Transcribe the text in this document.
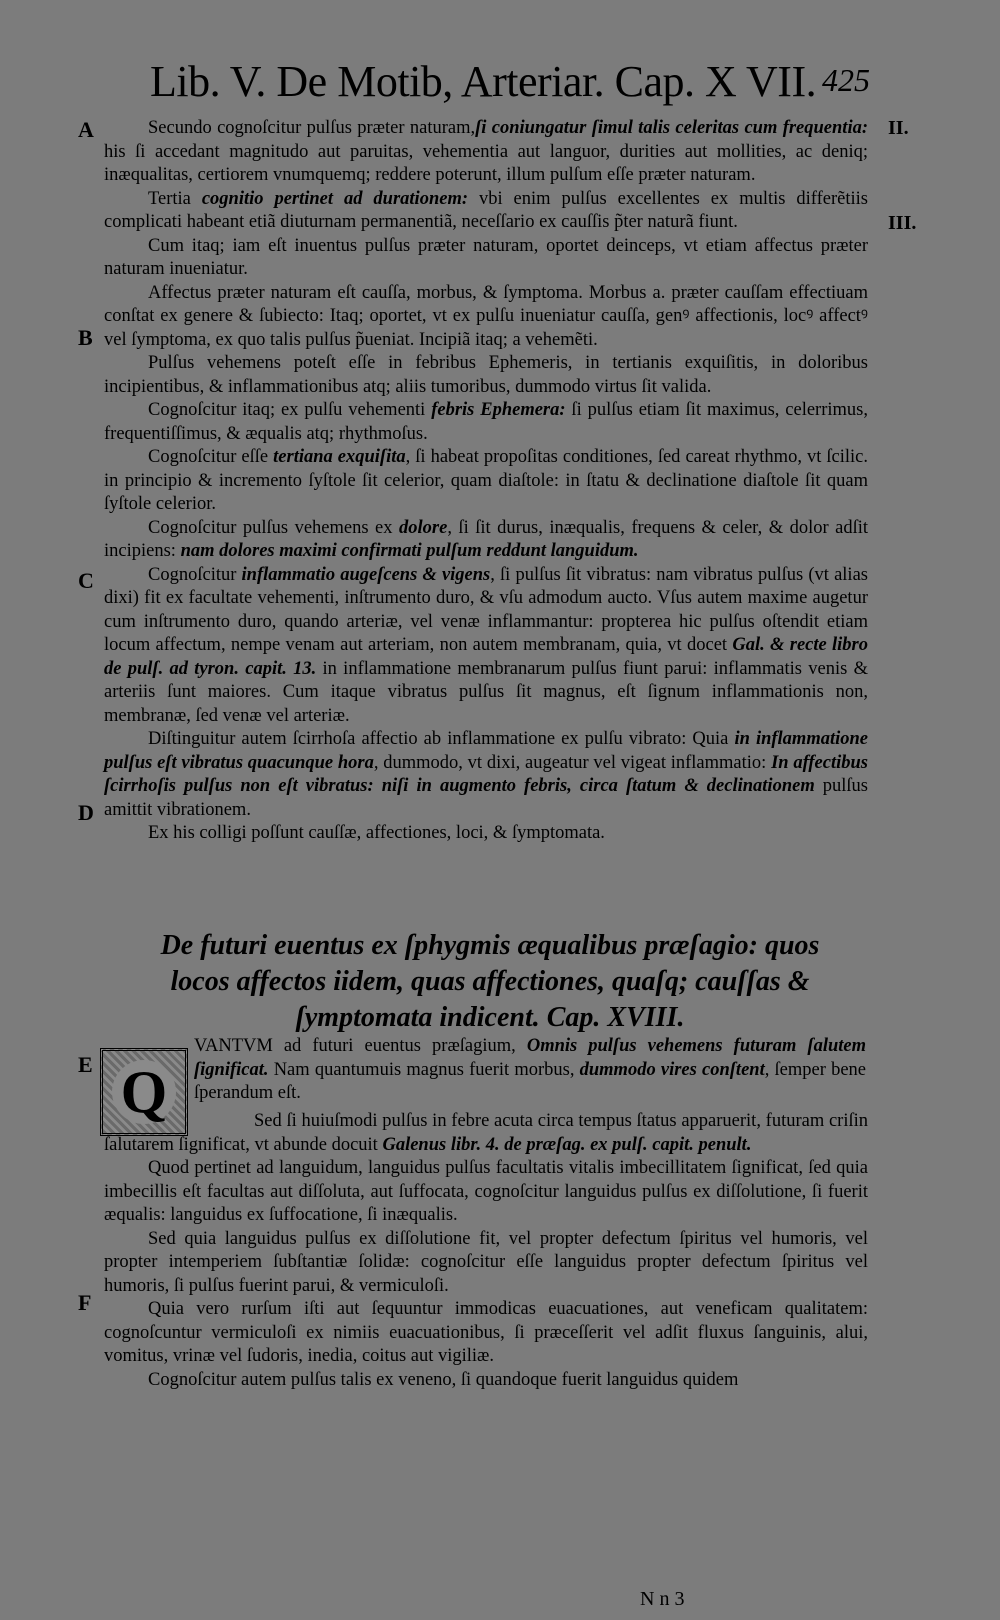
Lib. V. De Motib, Arteriar. Cap. X VII. 425
A
B
C
D
E
F
II.
III.

Secundo cognoſcitur pulſus præter naturam,ſi coniungatur ſimul talis celeritas cum frequentia: his ſi accedant magnitudo aut paruitas, vehementia aut languor, durities aut mollities, ac deniq; inæqualitas, certiorem vnumquemq; reddere poterunt, illum pulſum eſſe præter naturam.

Tertia cognitio pertinet ad durationem: vbi enim pulſus excellentes ex multis differẽtiis complicati habeant etiã diuturnam permanentiã, neceſſario ex cauſſis p̃ter naturã fiunt.

Cum itaq; iam eſt inuentus pulſus præter naturam, oportet deinceps, vt etiam affectus præter naturam inueniatur.

Affectus præter naturam eſt cauſſa, morbus, & ſymptoma. Morbus a. præter cauſſam effectiuam conſtat ex genere & ſubiecto: Itaq; oportet, vt ex pulſu inueniatur cauſſa, genꝰ affectionis, locꝰ affectꝰ vel ſymptoma, ex quo talis pulſus p̃ueniat. Incipiã itaq; a vehemẽti.

Pulſus vehemens poteſt eſſe in febribus Ephemeris, in tertianis exquiſitis, in doloribus incipientibus, & inflammationibus atq; aliis tumoribus, dummodo virtus ſit valida.

Cognoſcitur itaq; ex pulſu vehementi febris Ephemera: ſi pulſus etiam ſit maximus, celerrimus, frequentiſſimus, & æqualis atq; rhythmoſus.

Cognoſcitur eſſe tertiana exquiſita, ſi habeat propoſitas conditiones, ſed careat rhythmo, vt ſcilic. in principio & incremento ſyſtole ſit celerior, quam diaſtole: in ſtatu & declinatione diaſtole ſit quam ſyſtole celerior.

Cognoſcitur pulſus vehemens ex dolore, ſi ſit durus, inæqualis, frequens & celer, & dolor adſit incipiens: nam dolores maximi confirmati pulſum reddunt languidum.

Cognoſcitur inflammatio augeſcens & vigens, ſi pulſus ſit vibratus: nam vibratus pulſus (vt alias dixi) fit ex facultate vehementi, inſtrumento duro, & vſu admodum aucto. Vſus autem maxime augetur cum inſtrumento duro, quando arteriæ, vel venæ inflammantur: propterea hic pulſus oſtendit etiam locum affectum, nempe venam aut arteriam, non autem membranam, quia, vt docet Gal. & recte libro de pulſ. ad tyron. capit. 13. in inflammatione membranarum pulſus fiunt parui: inflammatis venis & arteriis ſunt maiores. Cum itaque vibratus pulſus ſit magnus, eſt ſignum inflammationis non, membranæ, ſed venæ vel arteriæ.

Diſtinguitur autem ſcirrhoſa affectio ab inflammatione ex pulſu vibrato: Quia in inflammatione pulſus eſt vibratus quacunque hora, dummodo, vt dixi, augeatur vel vigeat inflammatio: In affectibus ſcirrhoſis pulſus non eſt vibratus: niſi in augmento febris, circa ſtatum & declinationem pulſus amittit vibrationem.

Ex his colligi poſſunt cauſſæ, affectiones, loci, & ſymptomata.

De futuri euentus ex ſphygmis æqualibus præſagio: quos locos affectos iidem, quas affectiones, quaſq; cauſſas & ſymptomata indicent. Cap. XVIII.
Q

VANTVM ad futuri euentus præſagium, Omnis pulſus vehemens futuram ſalutem ſignificat. Nam quantumuis magnus fuerit morbus, dummodo vires conſtent, ſemper bene ſperandum eſt.

Sed ſi huiuſmodi pulſus in febre acuta circa tempus ſtatus apparuerit, futuram criſin ſalutarem ſignificat, vt abunde docuit Galenus libr. 4. de præſag. ex pulſ. capit. penult.

Quod pertinet ad languidum, languidus pulſus facultatis vitalis imbecillitatem ſignificat, ſed quia imbecillis eſt facultas aut diſſoluta, aut ſuffocata, cognoſcitur languidus pulſus ex diſſolutione, ſi fuerit æqualis: languidus ex ſuffocatione, ſi inæqualis.

Sed quia languidus pulſus ex diſſolutione fit, vel propter defectum ſpiritus vel humoris, vel propter intemperiem ſubſtantiæ ſolidæ: cognoſcitur eſſe languidus propter defectum ſpiritus vel humoris, ſi pulſus fuerint parui, & vermiculoſi.

Quia vero rurſum iſti aut ſequuntur immodicas euacuationes, aut veneficam qualitatem: cognoſcuntur vermiculoſi ex nimiis euacuationibus, ſi præceſſerit vel adſit fluxus ſanguinis, alui, vomitus, vrinæ vel ſudoris, inedia, coitus aut vigiliæ.

Cognoſcitur autem pulſus talis ex veneno, ſi quandoque fuerit languidus quidem

N n 3
